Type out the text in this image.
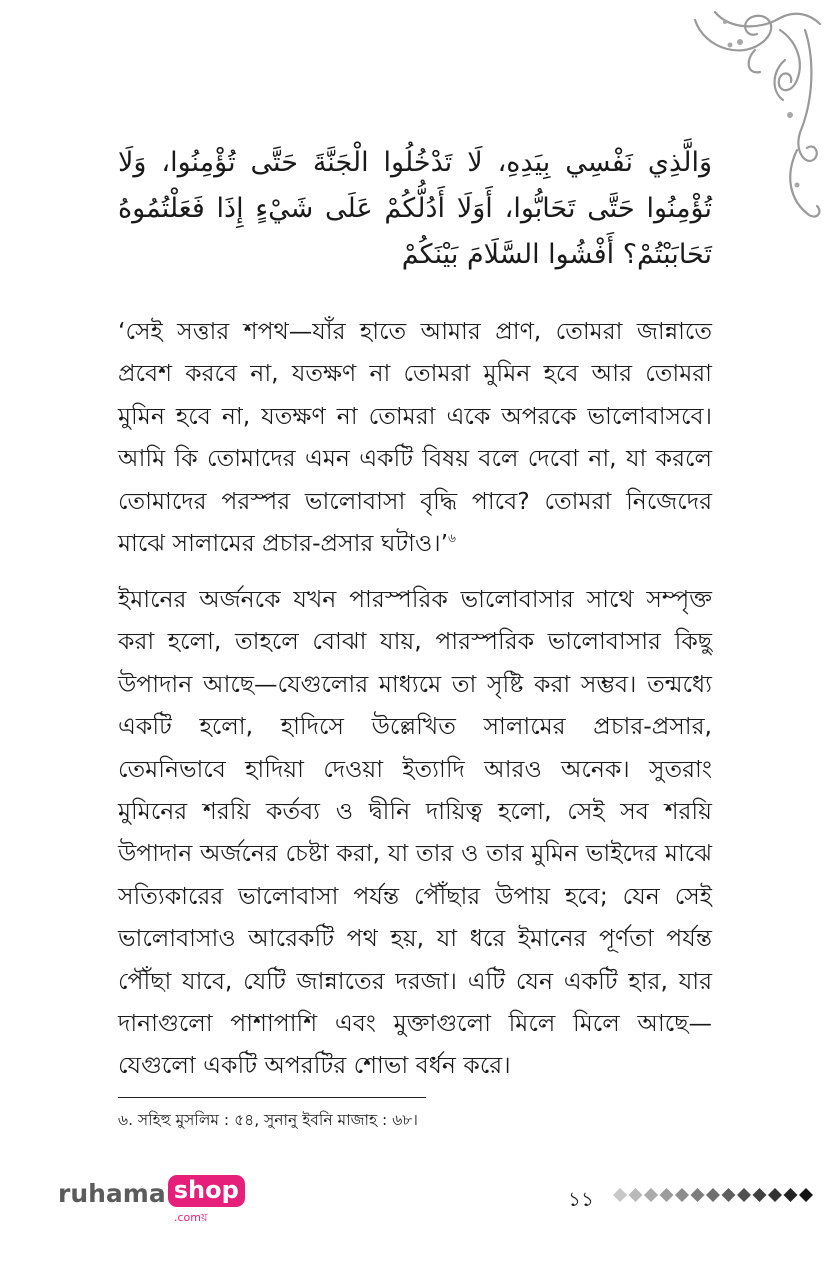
وَالَّذِي نَفْسِي بِيَدِهِ، لَا تَدْخُلُوا الْجَنَّةَ حَتَّى تُؤْمِنُوا، وَلَا تُؤْمِنُوا حَتَّى تَحَابُّوا، أَوَلَا أَدُلُّكُمْ عَلَى شَيْءٍ إِذَا فَعَلْتُمُوهُ تَحَابَبْتُمْ؟ أَفْشُوا السَّلَامَ بَيْنَكُمْ
‘সেই সত্তার শপথ—যাঁর হাতে আমার প্রাণ, তোমরা জান্নাতে প্রবেশ করবে না, যতক্ষণ না তোমরা মুমিন হবে আর তোমরা মুমিন হবে না, যতক্ষণ না তোমরা একে অপরকে ভালোবাসবে। আমি কি তোমাদের এমন একটি বিষয় বলে দেবো না, যা করলে তোমাদের পরস্পর ভালোবাসা বৃদ্ধি পাবে? তোমরা নিজেদের মাঝে সালামের প্রচার-প্রসার ঘটাও।’$^৬$
ইমানের অর্জনকে যখন পারস্পরিক ভালোবাসার সাথে সম্পৃক্ত করা হলো, তাহলে বোঝা যায়, পারস্পরিক ভালোবাসার কিছু উপাদান আছে—যেগুলোর মাধ্যমে তা সৃষ্টি করা সম্ভব। তন্মধ্যে একটি হলো, হাদিসে উল্লেখিত সালামের প্রচার-প্রসার, তেমনিভাবে হাদিয়া দেওয়া ইত্যাদি আরও অনেক। সুতরাং মুমিনের শরয়ি কর্তব্য ও দ্বীনি দায়িত্ব হলো, সেই সব শরয়ি উপাদান অর্জনের চেষ্টা করা, যা তার ও তার মুমিন ভাইদের মাঝে সত্যিকারের ভালোবাসা পর্যন্ত পৌঁছার উপায় হবে; যেন সেই ভালোবাসাও আরেকটি পথ হয়, যা ধরে ইমানের পূর্ণতা পর্যন্ত পৌঁছা যাবে, যেটি জান্নাতের দরজা। এটি যেন একটি হার, যার দানাগুলো পাশাপাশি এবং মুক্তাগুলো মিলে মিলে আছে—যেগুলো একটি অপরটির শোভা বর্ধন করে।
৬. সহিহু মুসলিম : ৫৪, সুনানু ইবনি মাজাহ : ৬৮।
ruhama shop
.comয়
১১
